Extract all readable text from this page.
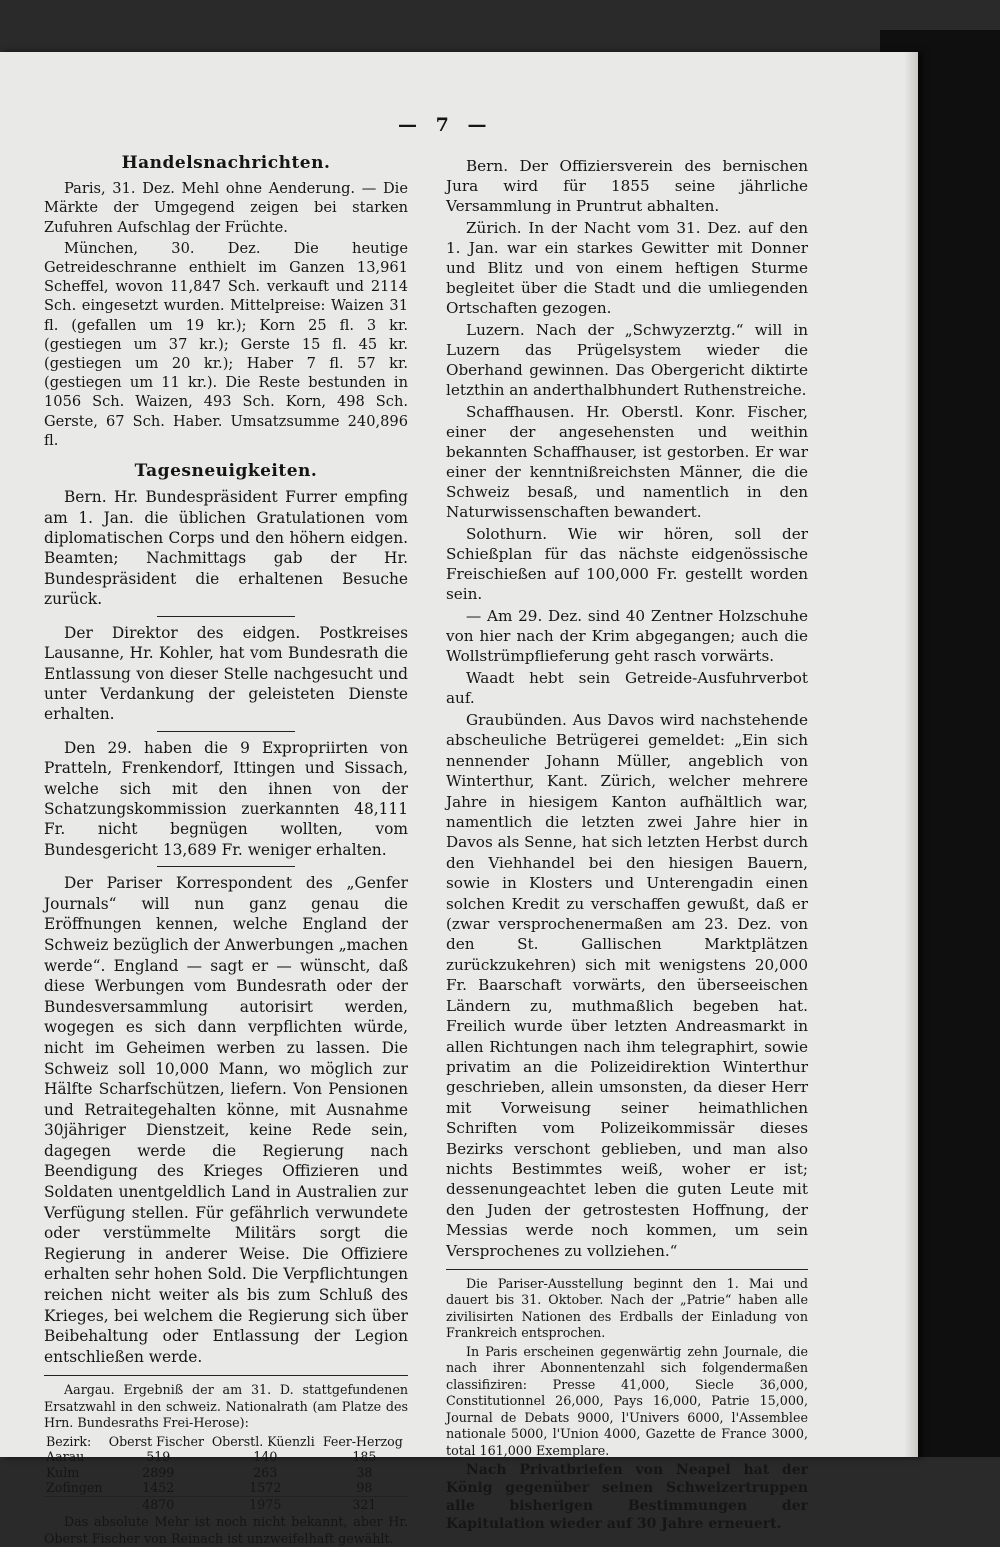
— 7 —
Handelsnachrichten.

Paris, 31. Dez. Mehl ohne Aenderung. — Die Märkte der Umgegend zeigen bei starken Zufuhren Aufschlag der Früchte.

München, 30. Dez. Die heutige Getreideschranne enthielt im Ganzen 13,961 Scheffel, wovon 11,847 Sch. verkauft und 2114 Sch. eingesetzt wurden. Mittelpreise: Waizen 31 fl. (gefallen um 19 kr.); Korn 25 fl. 3 kr. (gestiegen um 37 kr.); Gerste 15 fl. 45 kr. (gestiegen um 20 kr.); Haber 7 fl. 57 kr. (gestiegen um 11 kr.). Die Reste bestunden in 1056 Sch. Waizen, 493 Sch. Korn, 498 Sch. Gerste, 67 Sch. Haber. Umsatzsumme 240,896 fl.

Tagesneuigkeiten.

Bern. Hr. Bundespräsident Furrer empfing am 1. Jan. die üblichen Gratulationen vom diplomatischen Corps und den höhern eidgen. Beamten; Nachmittags gab der Hr. Bundespräsident die erhaltenen Besuche zurück.

Der Direktor des eidgen. Postkreises Lausanne, Hr. Kohler, hat vom Bundesrath die Entlassung von dieser Stelle nachgesucht und unter Verdankung der geleisteten Dienste erhalten.

Den 29. haben die 9 Expropriirten von Pratteln, Frenkendorf, Ittingen und Sissach, welche sich mit den ihnen von der Schatzungskommission zuerkannten 48,111 Fr. nicht begnügen wollten, vom Bundesgericht 13,689 Fr. weniger erhalten.

Der Pariser Korrespondent des „Genfer Journals“ will nun ganz genau die Eröffnungen kennen, welche England der Schweiz bezüglich der Anwerbungen „machen werde“. England — sagt er — wünscht, daß diese Werbungen vom Bundesrath oder der Bundesversammlung autorisirt werden, wogegen es sich dann verpflichten würde, nicht im Geheimen werben zu lassen. Die Schweiz soll 10,000 Mann, wo möglich zur Hälfte Scharfschützen, liefern. Von Pensionen und Retraitegehalten könne, mit Ausnahme 30jähriger Dienstzeit, keine Rede sein, dagegen werde die Regierung nach Beendigung des Krieges Offizieren und Soldaten unentgeldlich Land in Australien zur Verfügung stellen. Für gefährlich verwundete oder verstümmelte Militärs sorgt die Regierung in anderer Weise. Die Offiziere erhalten sehr hohen Sold. Die Verpflichtungen reichen nicht weiter als bis zum Schluß des Krieges, bei welchem die Regierung sich über Beibehaltung oder Entlassung der Legion entschließen werde.

Aargau. Ergebniß der am 31. D. stattgefundenen Ersatzwahl in den schweiz. Nationalrath (am Platze des Hrn. Bundesraths Frei-Herose):

Bezirk:	Oberst Fischer	Oberstl. Küenzli	Feer-Herzog
Aarau	519	140	185
Kulm	2899	263	38
Zofingen	1452	1572	98
	4870	1975	321

Das absolute Mehr ist noch nicht bekannt, aber Hr. Oberst Fischer von Reinach ist unzweifelhaft gewählt.

Bern. Der Offiziersverein des bernischen Jura wird für 1855 seine jährliche Versammlung in Pruntrut abhalten.

Zürich. In der Nacht vom 31. Dez. auf den 1. Jan. war ein starkes Gewitter mit Donner und Blitz und von einem heftigen Sturme begleitet über die Stadt und die umliegenden Ortschaften gezogen.

Luzern. Nach der „Schwyzerztg.“ will in Luzern das Prügelsystem wieder die Oberhand gewinnen. Das Obergericht diktirte letzthin an anderthalbhundert Ruthenstreiche.

Schaffhausen. Hr. Oberstl. Konr. Fischer, einer der angesehensten und weithin bekannten Schaffhauser, ist gestorben. Er war einer der kenntnißreichsten Männer, die die Schweiz besaß, und namentlich in den Naturwissenschaften bewandert.

Solothurn. Wie wir hören, soll der Schießplan für das nächste eidgenössische Freischießen auf 100,000 Fr. gestellt worden sein.

— Am 29. Dez. sind 40 Zentner Holzschuhe von hier nach der Krim abgegangen; auch die Wollstrümpflieferung geht rasch vorwärts.

Waadt hebt sein Getreide-Ausfuhrverbot auf.

Graubünden. Aus Davos wird nachstehende abscheuliche Betrügerei gemeldet: „Ein sich nennender Johann Müller, angeblich von Winterthur, Kant. Zürich, welcher mehrere Jahre in hiesigem Kanton aufhältlich war, namentlich die letzten zwei Jahre hier in Davos als Senne, hat sich letzten Herbst durch den Viehhandel bei den hiesigen Bauern, sowie in Klosters und Unterengadin einen solchen Kredit zu verschaffen gewußt, daß er (zwar versprochenermaßen am 23. Dez. von den St. Gallischen Marktplätzen zurückzukehren) sich mit wenigstens 20,000 Fr. Baarschaft vorwärts, den überseeischen Ländern zu, muthmaßlich begeben hat. Freilich wurde über letzten Andreasmarkt in allen Richtungen nach ihm telegraphirt, sowie privatim an die Polizeidirektion Winterthur geschrieben, allein umsonsten, da dieser Herr mit Vorweisung seiner heimathlichen Schriften vom Polizeikommissär dieses Bezirks verschont geblieben, und man also nichts Bestimmtes weiß, woher er ist; dessenungeachtet leben die guten Leute mit den Juden der getrostesten Hoffnung, der Messias werde noch kommen, um sein Versprochenes zu vollziehen.“

Die Pariser-Ausstellung beginnt den 1. Mai und dauert bis 31. Oktober. Nach der „Patrie“ haben alle zivilisirten Nationen des Erdballs der Einladung von Frankreich entsprochen.

In Paris erscheinen gegenwärtig zehn Journale, die nach ihrer Abonnentenzahl sich folgendermaßen classifiziren: Presse 41,000, Siecle 36,000, Constitutionnel 26,000, Pays 16,000, Patrie 15,000, Journal de Debats 9000, l'Univers 6000, l'Assemblee nationale 5000, l'Union 4000, Gazette de France 3000, total 161,000 Exemplare.

Nach Privatbriefen von Neapel hat der König gegenüber seinen Schweizertruppen alle bisherigen Bestimmungen der Kapitulation wieder auf 30 Jahre erneuert.
